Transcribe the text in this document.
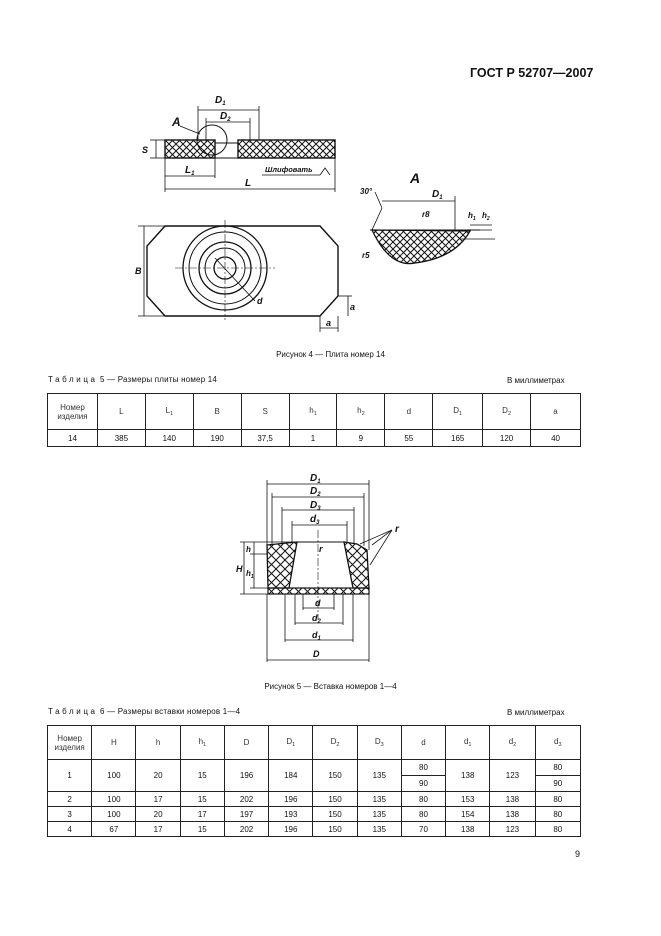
ГОСТ Р 52707—2007
$D_1$
$D_2$
A
S
$L_1$
L
Шлифовать
A
30°	$D_1$
r8
r5
$h_1$ $h_2$
d
B
a
a
Рисунок 4 — Плита номер 14
Таблица 5 — Размеры плиты номер 14	В миллиметрах
Номер изделия	L	$L_1$	B	S	$h_1$	$h_2$	d	$D_1$	$D_2$	a
14	385	140	190	37,5	1	9	55	165	120	40
$D_1$
$D_2$
$D_3$
$d_3$
r
r
H
h
$h_1$
d
$d_2$
$d_1$
D
Рисунок 5 — Вставка номеров 1—4
Таблица 6 — Размеры вставки номеров 1—4	В миллиметрах
Номер изделия	H	h	$h_1$	D	$D_1$	$D_2$	$D_3$	d	$d_1$	$d_2$	$d_3$
1	100	20	15	196	184	150	135	80	138	123	80
								90			90
2	100	17	15	202	196	150	135	80	153	138	80
3	100	20	17	197	193	150	135	80	154	138	80
4	67	17	15	202	196	150	135	70	138	123	80
9
